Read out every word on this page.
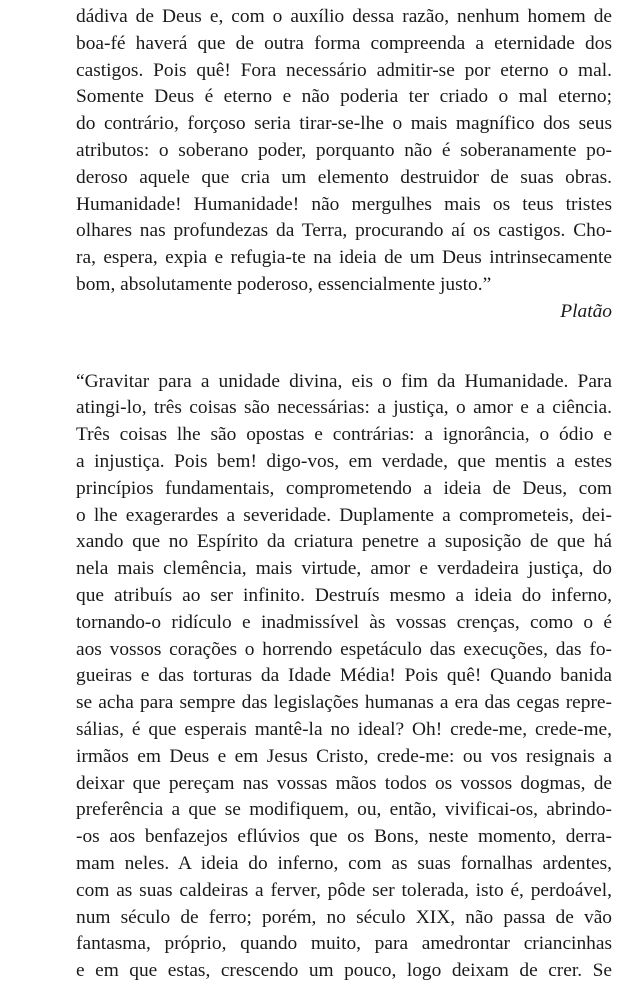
dádiva de Deus e, com o auxílio dessa razão, nenhum homem de
boa-fé haverá que de outra forma compreenda a eternidade dos
castigos. Pois quê! Fora necessário admitir-se por eterno o mal.
Somente Deus é eterno e não poderia ter criado o mal eterno;
do contrário, forçoso seria tirar-se-lhe o mais magnífico dos seus
atributos: o soberano poder, porquanto não é soberanamente po-
deroso aquele que cria um elemento destruidor de suas obras.
Humanidade! Humanidade! não mergulhes mais os teus tristes
olhares nas profundezas da Terra, procurando aí os castigos. Cho-
ra, espera, expia e refugia-te na ideia de um Deus intrinsecamente
bom, absolutamente poderoso, essencialmente justo.”
Platão
“Gravitar para a unidade divina, eis o fim da Humanidade. Para
atingi-lo, três coisas são necessárias: a justiça, o amor e a ciência.
Três coisas lhe são opostas e contrárias: a ignorância, o ódio e
a injustiça. Pois bem! digo-vos, em verdade, que mentis a estes
princípios fundamentais, comprometendo a ideia de Deus, com
o lhe exagerardes a severidade. Duplamente a comprometeis, dei-
xando que no Espírito da criatura penetre a suposição de que há
nela mais clemência, mais virtude, amor e verdadeira justiça, do
que atribuís ao ser infinito. Destruís mesmo a ideia do inferno,
tornando-o ridículo e inadmissível às vossas crenças, como o é
aos vossos corações o horrendo espetáculo das execuções, das fo-
gueiras e das torturas da Idade Média! Pois quê! Quando banida
se acha para sempre das legislações humanas a era das cegas repre-
sálias, é que esperais mantê-la no ideal? Oh! crede-me, crede-me,
irmãos em Deus e em Jesus Cristo, crede-me: ou vos resignais a
deixar que pereçam nas vossas mãos todos os vossos dogmas, de
preferência a que se modifiquem, ou, então, vivificai-os, abrindo-
-os aos benfazejos eflúvios que os Bons, neste momento, derra-
mam neles. A ideia do inferno, com as suas fornalhas ardentes,
com as suas caldeiras a ferver, pôde ser tolerada, isto é, perdoável,
num século de ferro; porém, no século XIX, não passa de vão
fantasma, próprio, quando muito, para amedrontar criancinhas
e em que estas, crescendo um pouco, logo deixam de crer. Se
